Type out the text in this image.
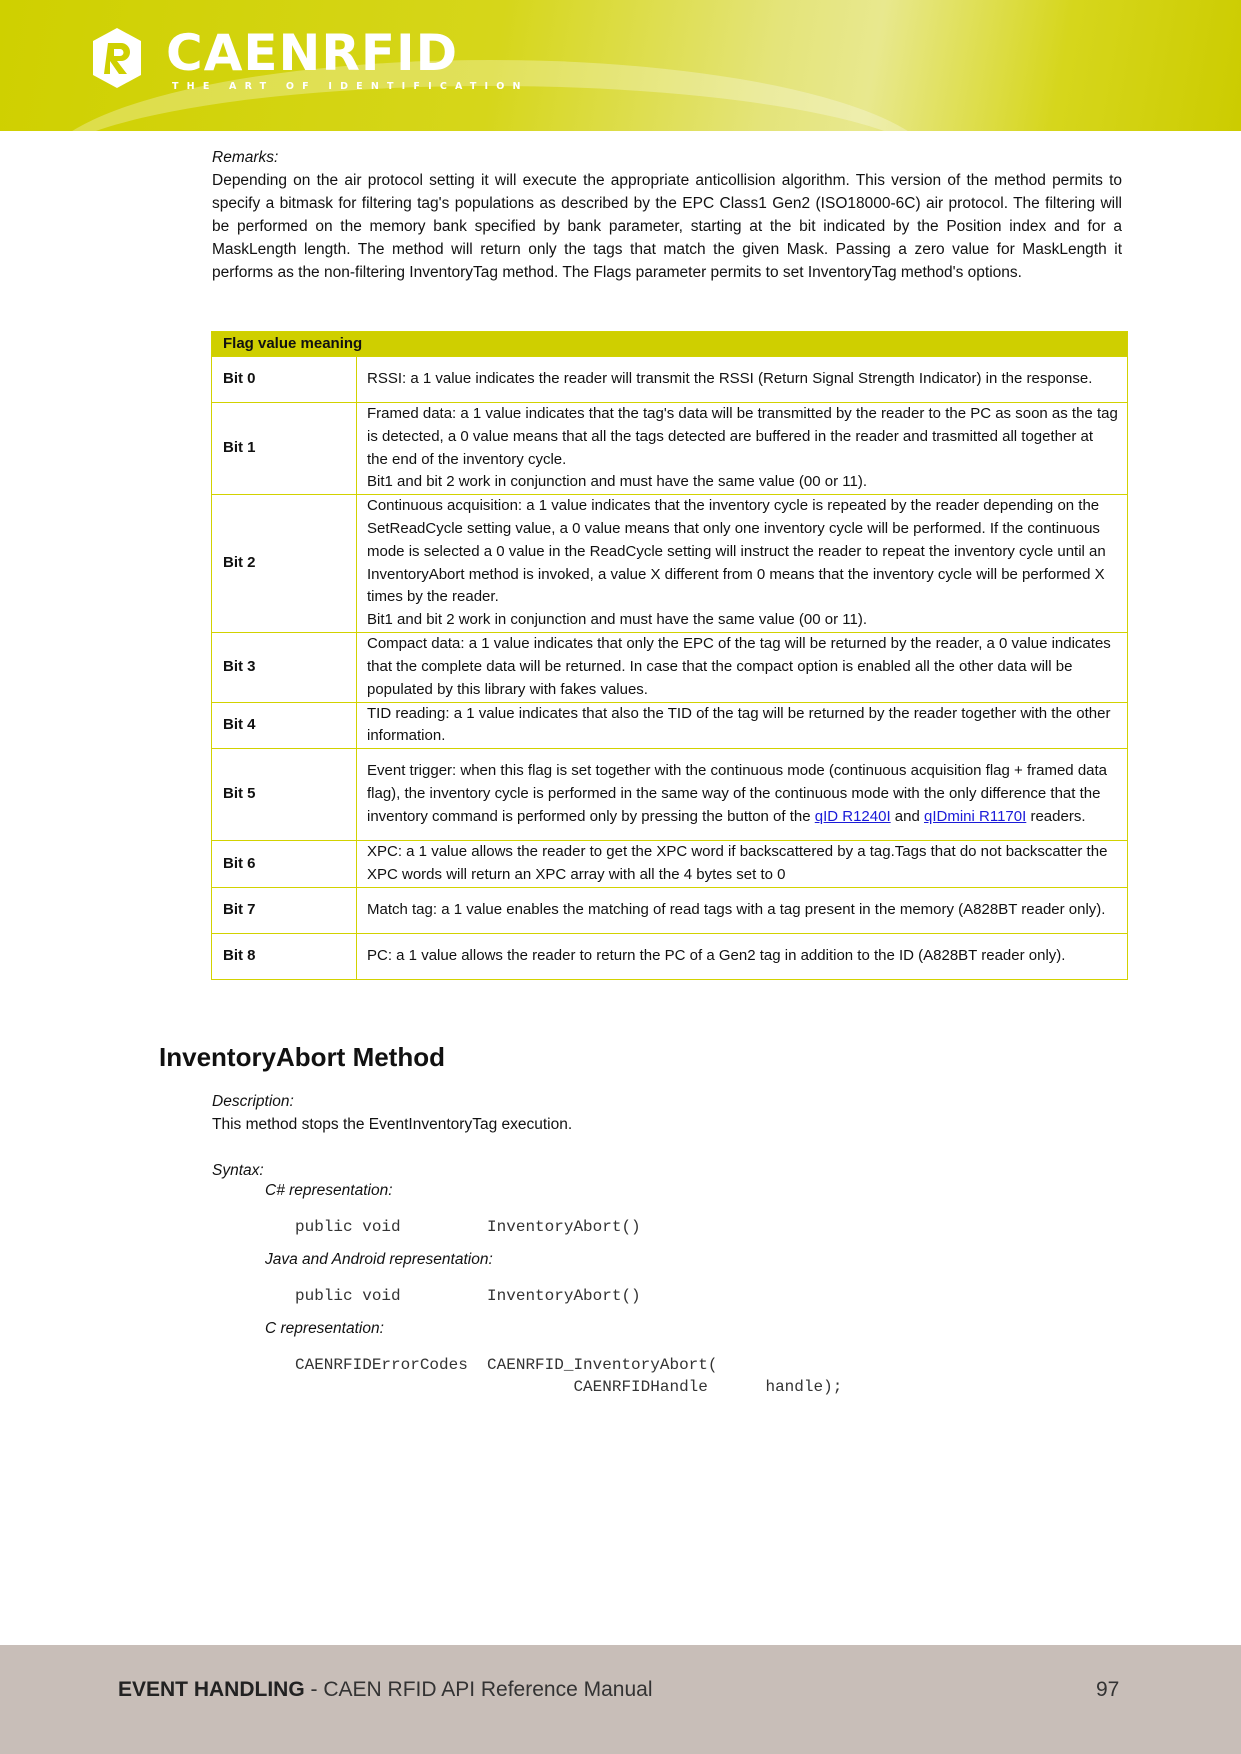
CAENRFID
THE ART OF IDENTIFICATION
Remarks:

Depending on the air protocol setting it will execute the appropriate anticollision algorithm. This version of the method permits to specify a bitmask for filtering tag's populations as described by the EPC Class1 Gen2 (ISO18000-6C) air protocol. The filtering will be performed on the memory bank specified by bank parameter, starting at the bit indicated by the Position index and for a MaskLength length. The method will return only the tags that match the given Mask. Passing a zero value for MaskLength it performs as the non-filtering InventoryTag method. The Flags parameter permits to set InventoryTag method's options.

Flag value meaning	
Bit 0	RSSI: a 1 value indicates the reader will transmit the RSSI (Return Signal Strength Indicator) in the response.
Bit 1	Framed data: a 1 value indicates that the tag's data will be transmitted by the reader to the PC as soon as the tag is detected, a 0 value means that all the tags detected are buffered in the reader and trasmitted all together at the end of the inventory cycle.
Bit1 and bit 2 work in conjunction and must have the same value (00 or 11).

Bit 2	Continuous acquisition: a 1 value indicates that the inventory cycle is repeated by the reader depending on the SetReadCycle setting value, a 0 value means that only one inventory cycle will be performed. If the continuous mode is selected a 0 value in the ReadCycle setting will instruct the reader to repeat the inventory cycle until an InventoryAbort method is invoked, a value X different from 0 means that the inventory cycle will be performed X times by the reader.
Bit1 and bit 2 work in conjunction and must have the same value (00 or 11).

Bit 3	Compact data: a 1 value indicates that only the EPC of the tag will be returned by the reader, a 0 value indicates that the complete data will be returned. In case that the compact option is enabled all the other data will be populated by this library with fakes values.
Bit 4	TID reading: a 1 value indicates that also the TID of the tag will be returned by the reader together with the other information.
Bit 5	Event trigger: when this flag is set together with the continuous mode (continuous acquisition flag + framed data flag), the inventory cycle is performed in the same way of the continuous mode with the only difference that the inventory command is performed only by pressing the button of the qID R1240I and qIDmini R1170I readers.
Bit 6	XPC: a 1 value allows the reader to get the XPC word if backscattered by a tag.Tags that do not backscatter the XPC words will return an XPC array with all the 4 bytes set to 0
Bit 7	Match tag: a 1 value enables the matching of read tags with a tag present in the memory (A828BT reader only).
Bit 8	PC: a 1 value allows the reader to return the PC of a Gen2 tag in addition to the ID (A828BT reader only).
InventoryAbort Method
Description:
This method stops the EventInventoryTag execution.
Syntax:
C# representation:
public void         InventoryAbort()
Java and Android representation:
public void         InventoryAbort()
C representation:
CAENRFIDErrorCodes  CAENRFID_InventoryAbort(
CAENRFIDHandle      handle);
EVENT HANDLING - CAEN RFID API Reference Manual	97
